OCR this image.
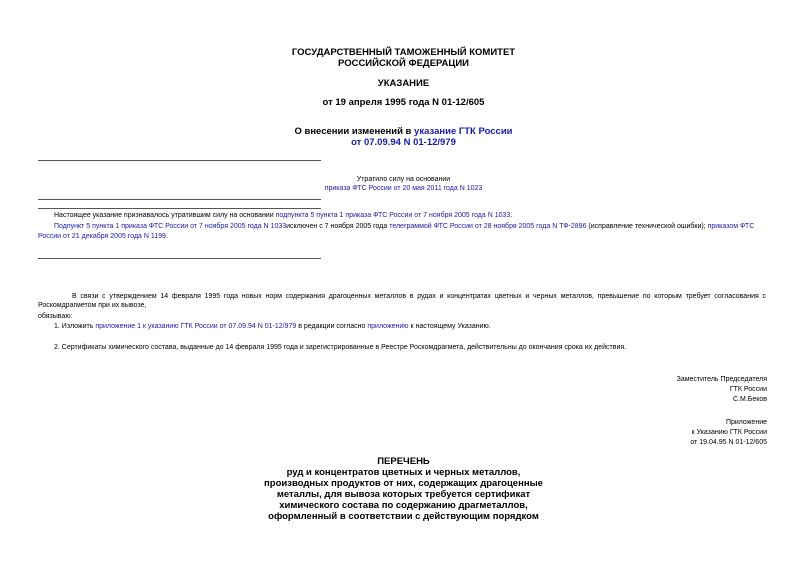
ГОСУДАРСТВЕННЫЙ ТАМОЖЕННЫЙ КОМИТЕТ
РОССИЙСКОЙ ФЕДЕРАЦИИ
УКАЗАНИЕ
от 19 апреля 1995 года N 01-12/605
О внесении изменений в указание ГТК России
от 07.09.94 N 01-12/979
Утратило силу на основании
приказа ФТС России от 20 мая 2011 года N 1023
Настоящее указание признавалось утратившим силу на основании подпункта 5 пункта 1 приказа ФТС России от 7 ноября 2005 года N 1033.
Подпункт 5 пункта 1 приказа ФТС России от 7 ноября 2005 года N 1033исключен с 7 ноября 2005 года телеграммой ФТС России от 28 ноября 2005 года N ТФ-2896 (исправление технической ошибки); приказом ФТС России от 21 декабря 2005 года N 1199.
В связи с утверждением 14 февраля 1995 года новых норм содержания драгоценных металлов в рудах и концентратах цветных и черных металлов, превышение по которым требует согласования с Роскомдрагметом при их вывозе,
обязываю:
1. Изложить приложение 1 к указанию ГТК России от 07.09.94 N 01-12/979 в редакции согласно приложению к настоящему Указанию.
2. Сертификаты химического состава, выданные до 14 февраля 1995 года и зарегистрированные в Реестре Роскомдрагмета, действительны до окончания срока их действия.
Заместитель Председателя
ГТК России
С.М.Беков
Приложение
к Указанию ГТК России
от 19.04.95 N 01-12/605
ПЕРЕЧЕНЬ
руд и концентратов цветных и черных металлов,
производных продуктов от них, содержащих драгоценные
металлы, для вывоза которых требуется сертификат
химического состава по содержанию драгметаллов,
оформленный в соответствии с действующим порядком
